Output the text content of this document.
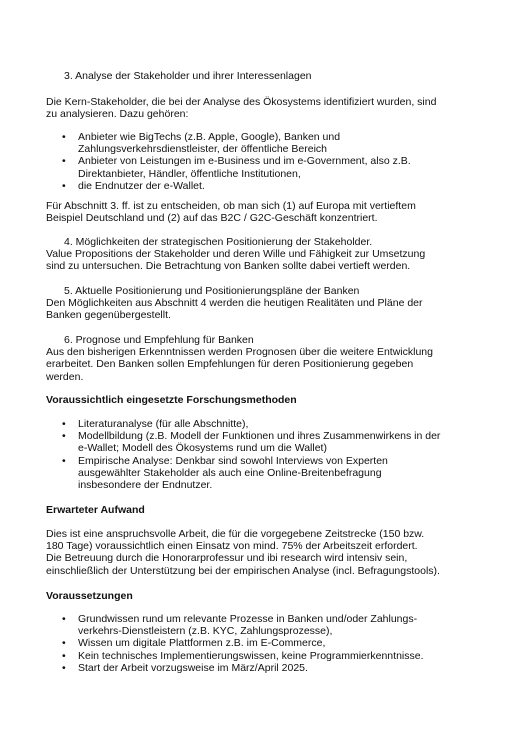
3. Analyse der Stakeholder und ihrer Interessenlagen
Die Kern-Stakeholder, die bei der Analyse des Ökosystems identifiziert wurden, sind
zu analysieren. Dazu gehören:
• Anbieter wie BigTechs (z.B. Apple, Google), Banken und
Zahlungsverkehrsdienstleister, der öffentliche Bereich
• Anbieter von Leistungen im e-Business und im e-Government, also z.B.
Direktanbieter, Händler, öffentliche Institutionen,
• die Endnutzer der e-Wallet.
Für Abschnitt 3. ff. ist zu entscheiden, ob man sich (1) auf Europa mit vertieftem
Beispiel Deutschland und (2) auf das B2C / G2C-Geschäft konzentriert.
4. Möglichkeiten der strategischen Positionierung der Stakeholder.
Value Propositions der Stakeholder und deren Wille und Fähigkeit zur Umsetzung
sind zu untersuchen. Die Betrachtung von Banken sollte dabei vertieft werden.
5. Aktuelle Positionierung und Positionierungspläne der Banken
Den Möglichkeiten aus Abschnitt 4 werden die heutigen Realitäten und Pläne der
Banken gegenübergestellt.
6. Prognose und Empfehlung für Banken
Aus den bisherigen Erkenntnissen werden Prognosen über die weitere Entwicklung
erarbeitet. Den Banken sollen Empfehlungen für deren Positionierung gegeben
werden.
Voraussichtlich eingesetzte Forschungsmethoden
• Literaturanalyse (für alle Abschnitte),
• Modellbildung (z.B. Modell der Funktionen und ihres Zusammenwirkens in der
e-Wallet; Modell des Ökosystems rund um die Wallet)
• Empirische Analyse: Denkbar sind sowohl Interviews von Experten
ausgewählter Stakeholder als auch eine Online-Breitenbefragung
insbesondere der Endnutzer.
Erwarteter Aufwand
Dies ist eine anspruchsvolle Arbeit, die für die vorgegebene Zeitstrecke (150 bzw.
180 Tage) voraussichtlich einen Einsatz von mind. 75% der Arbeitszeit erfordert.
Die Betreuung durch die Honorarprofessur und ibi research wird intensiv sein,
einschließlich der Unterstützung bei der empirischen Analyse (incl. Befragungstools).
Voraussetzungen
• Grundwissen rund um relevante Prozesse in Banken und/oder Zahlungs-
verkehrs-Dienstleistern (z.B. KYC, Zahlungsprozesse),
• Wissen um digitale Plattformen z.B. im E-Commerce,
• Kein technisches Implementierungswissen, keine Programmierkenntnisse.
• Start der Arbeit vorzugsweise im März/April 2025.
